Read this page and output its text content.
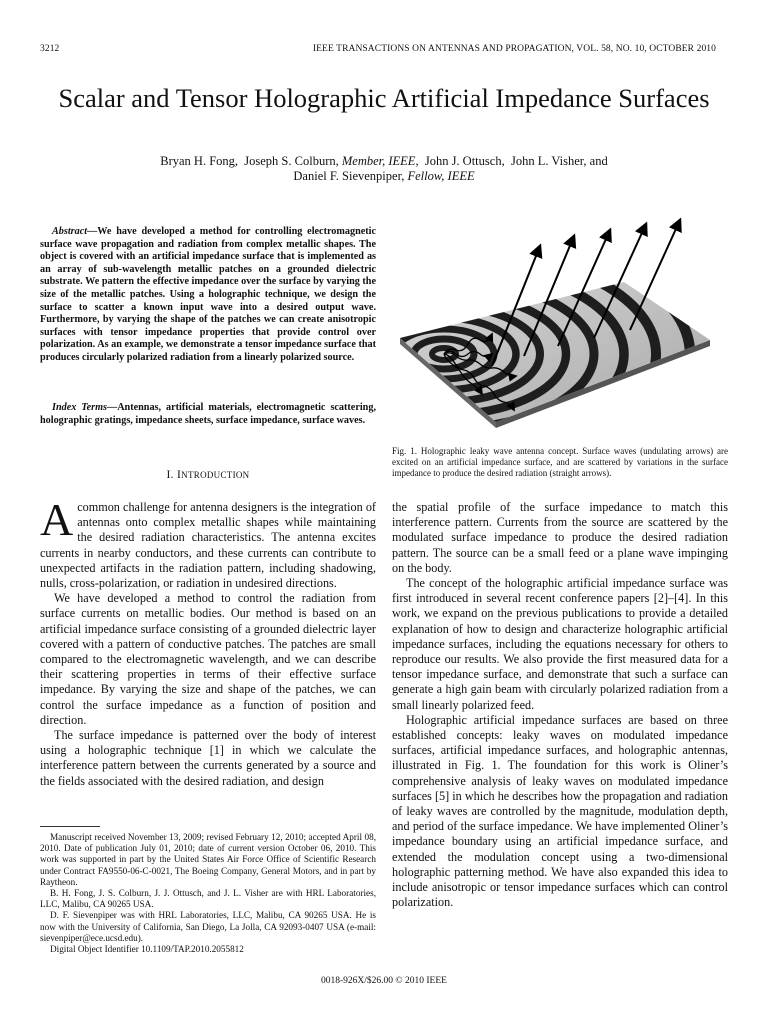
3212	IEEE TRANSACTIONS ON ANTENNAS AND PROPAGATION, VOL. 58, NO. 10, OCTOBER 2010
Scalar and Tensor Holographic Artificial Impedance Surfaces
Bryan H. Fong, Joseph S. Colburn, Member, IEEE, John J. Ottusch, John L. Visher, and
Daniel F. Sievenpiper, Fellow, IEEE
Abstract—We have developed a method for controlling electromagnetic surface wave propagation and radiation from complex metallic shapes. The object is covered with an artificial impedance surface that is implemented as an array of sub-wavelength metallic patches on a grounded dielectric substrate. We pattern the effective impedance over the surface by varying the size of the metallic patches. Using a holographic technique, we design the surface to scatter a known input wave into a desired output wave. Furthermore, by varying the shape of the patches we can create anisotropic surfaces with tensor impedance properties that provide control over polarization. As an example, we demonstrate a tensor impedance surface that produces circularly polarized radiation from a linearly polarized source.
Index Terms—Antennas, artificial materials, electromagnetic scattering, holographic gratings, impedance sheets, surface impedance, surface waves.
I. INTRODUCTION

Acommon challenge for antenna designers is the integration of antennas onto complex metallic shapes while maintaining the desired radiation characteristics. The antenna excites currents in nearby conductors, and these currents can contribute to unexpected artifacts in the radiation pattern, including shadowing, nulls, cross-polarization, or radiation in undesired directions.

We have developed a method to control the radiation from surface currents on metallic bodies. Our method is based on an artificial impedance surface consisting of a grounded dielectric layer covered with a pattern of conductive patches. The patches are small compared to the electromagnetic wavelength, and we can describe their scattering properties in terms of their effective surface impedance. By varying the size and shape of the patches, we can control the surface impedance as a function of position and direction.

The surface impedance is patterned over the body of interest using a holographic technique [1] in which we calculate the interference pattern between the currents generated by a source and the fields associated with the desired radiation, and design

Manuscript received November 13, 2009; revised February 12, 2010; accepted April 08, 2010. Date of publication July 01, 2010; date of current version October 06, 2010. This work was supported in part by the United States Air Force Office of Scientific Research under Contract FA9550-06-C-0021, The Boeing Company, General Motors, and in part by Raytheon.

B. H. Fong, J. S. Colburn, J. J. Ottusch, and J. L. Visher are with HRL Laboratories, LLC, Malibu, CA 90265 USA.

D. F. Sievenpiper was with HRL Laboratories, LLC, Malibu, CA 90265 USA. He is now with the University of California, San Diego, La Jolla, CA 92093-0407 USA (e-mail: sievenpiper@ece.ucsd.edu).

Digital Object Identifier 10.1109/TAP.2010.2055812

Fig. 1. Holographic leaky wave antenna concept. Surface waves (undulating arrows) are excited on an artificial impedance surface, and are scattered by variations in the surface impedance to produce the desired radiation (straight arrows).

the spatial profile of the surface impedance to match this interference pattern. Currents from the source are scattered by the modulated surface impedance to produce the desired radiation pattern. The source can be a small feed or a plane wave impinging on the body.

The concept of the holographic artificial impedance surface was first introduced in several recent conference papers [2]–[4]. In this work, we expand on the previous publications to provide a detailed explanation of how to design and characterize holographic artificial impedance surfaces, including the equations necessary for others to reproduce our results. We also provide the first measured data for a tensor impedance surface, and demonstrate that such a surface can generate a high gain beam with circularly polarized radiation from a small linearly polarized feed.

Holographic artificial impedance surfaces are based on three established concepts: leaky waves on modulated impedance surfaces, artificial impedance surfaces, and holographic antennas, illustrated in Fig. 1. The foundation for this work is Oliner’s comprehensive analysis of leaky waves on modulated impedance surfaces [5] in which he describes how the propagation and radiation of leaky waves are controlled by the magnitude, modulation depth, and period of the surface impedance. We have implemented Oliner’s impedance boundary using an artificial impedance surface, and extended the modulation concept using a two-dimensional holographic patterning method. We have also expanded this idea to include anisotropic or tensor impedance surfaces which can control polarization.

0018-926X/$26.00 © 2010 IEEE
